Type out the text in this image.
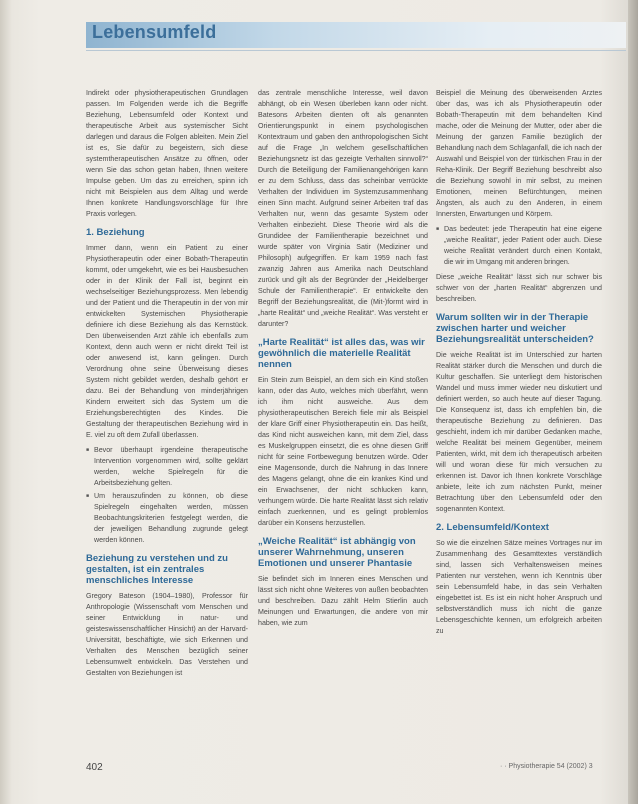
Lebensumfeld

Indirekt oder physiotherapeutischen Grundlagen passen. Im Folgenden werde ich die Begriffe Beziehung, Lebensumfeld oder Kontext und therapeutische Arbeit aus systemischer Sicht darlegen und daraus die Folgen ableiten. Mein Ziel ist es, Sie dafür zu begeistern, sich diese systemtherapeutischen Ansätze zu öffnen, oder wenn Sie das schon getan haben, Ihnen weitere Impulse geben. Um das zu erreichen, spinn ich nicht mit Beispielen aus dem Alltag und werde Ihnen konkrete Handlungsvorschläge für Ihre Praxis vorlegen.

1. Beziehung

Immer dann, wenn ein Patient zu einer Physiotherapeutin oder einer Bobath-Therapeutin kommt, oder umgekehrt, wie es bei Hausbesuchen oder in der Klinik der Fall ist, beginnt ein wechselseitiger Beziehungsprozess. Men lebendig und der Patient und die Therapeutin in der von mir entwickelten Systemischen Physiotherapie definiere ich diese Beziehung als das Kernstück. Den überweisenden Arzt zähle ich ebenfalls zum Kontext, denn auch wenn er nicht direkt Teil ist oder anwesend ist, kann gelingen. Durch Verordnung ohne seine Überweisung dieses System nicht gebildet werden, deshalb gehört er dazu. Bei der Behandlung von minderjährigen Kindern erweitert sich das System um die Erziehungsberechtigten des Kindes. Die Gestaltung der therapeutischen Beziehung wird in E. viel zu oft dem Zufall überlassen.

■ Bevor überhaupt irgendeine therapeutische Intervention vorgenommen wird, sollte geklärt werden, welche Spielregeln für die Arbeitsbeziehung gelten.
■ Um herauszufinden zu können, ob diese Spielregeln eingehalten werden, müssen Beobachtungskriterien festgelegt werden, die der jeweiligen Behandlung zugrunde gelegt werden können.
Beziehung zu verstehen und zu gestalten, ist ein zentrales menschliches Interesse

Gregory Bateson (1904–1980), Professor für Anthropologie (Wissenschaft vom Menschen und seiner Entwicklung in natur- und geisteswissenschaftlicher Hinsicht) an der Harvard-Universität, beschäftigte, wie sich Erkennen und Verhalten des Menschen bezüglich seiner Lebensumwelt entwickeln. Das Verstehen und Gestalten von Beziehungen ist

das zentrale menschliche Interesse, weil davon abhängt, ob ein Wesen überleben kann oder nicht. Batesons Arbeiten dienten oft als genannten Orientierungspunkt in einem psychologischen Kontextraum und gaben den anthropologischen Sicht auf die Frage „In welchem gesellschaftlichen Beziehungsnetz ist das gezeigte Verhalten sinnvoll?“ Durch die Beteiligung der Familienangehörigen kann er zu dem Schluss, dass das scheinbar verrückte Verhalten der Individuen im Systemzusammenhang einen Sinn macht. Aufgrund seiner Arbeiten traf das Verhalten nur, wenn das gesamte System oder Verhalten einbezieht. Diese Theorie wird als die Grundidee der Familientherapie bezeichnet und wurde später von Virginia Satir (Mediziner und Philosoph) aufgegriffen. Er kam 1959 nach fast zwanzig Jahren aus Amerika nach Deutschland zurück und gilt als der Begründer der „Heidelberger Schule der Familientherapie“. Er entwickelte den Begriff der Beziehungsrealität, die (Mit-)formt wird in „harte Realität“ und „weiche Realität“. Was versteht er darunter?

„Harte Realität“ ist alles das, was wir gewöhnlich die materielle Realität nennen

Ein Stein zum Beispiel, an dem sich ein Kind stoßen kann, oder das Auto, welches mich überfährt, wenn ich ihm nicht ausweiche. Aus dem physiotherapeutischen Bereich fiele mir als Beispiel der klare Griff einer Physiotherapeutin ein. Das heißt, das Kind nicht ausweichen kann, mit dem Ziel, dass es Muskelgruppen einsetzt, die es ohne diesen Griff nicht für seine Fortbewegung benutzen würde. Oder eine Magensonde, durch die Nahrung in das Innere des Magens gelangt, ohne die ein krankes Kind und ein Erwachsener, der nicht schlucken kann, verhungern würde. Die harte Realität lässt sich relativ einfach zuerkennen, und es gelingt problemlos darüber ein Konsens herzustellen.

„Weiche Realität“ ist abhängig von unserer Wahrnehmung, unseren Emotionen und unserer Phantasie

Sie befindet sich im Inneren eines Menschen und lässt sich nicht ohne Weiteres von außen beobachten und beschreiben. Dazu zählt Helm Stierlin auch Meinungen und Erwartungen, die andere von mir haben, wie zum

Beispiel die Meinung des überweisenden Arztes über das, was ich als Physiotherapeutin oder Bobath-Therapeutin mit dem behandelten Kind mache, oder die Meinung der Mutter, oder aber die Meinung der ganzen Familie bezüglich der Behandlung nach dem Schlaganfall, die ich nach der Auswahl und Beispiel von der türkischen Frau in der Reha-Klinik. Der Begriff Beziehung beschreibt also die Beziehung sowohl in mir selbst, zu meinen Emotionen, meinen Befürchtungen, meinen Ängsten, als auch zu den Anderen, in einem Innersten, Erwartungen und Körpern.

■ Das bedeutet: jede Therapeutin hat eine eigene „weiche Realität“, jeder Patient oder auch. Diese weiche Realität verändert durch einen Kontakt, die wir im Umgang mit anderen bringen.

Diese „weiche Realität“ lässt sich nur schwer bis schwer von der „harten Realität“ abgrenzen und beschreiben.

Warum sollten wir in der Therapie zwischen harter und weicher Beziehungsrealität unterscheiden?

Die weiche Realität ist im Unterschied zur harten Realität stärker durch die Menschen und durch die Kultur geschaffen. Sie unterliegt dem historischen Wandel und muss immer wieder neu diskutiert und definiert werden, so auch heute auf dieser Tagung. Die Konsequenz ist, dass ich empfehlen bin, die therapeutische Beziehung zu definieren. Das geschieht, indem ich mir darüber Gedanken mache, welche Realität bei meinem Gegenüber, meinem Patienten, wirkt, mit dem ich therapeutisch arbeiten will und woran diese für mich versuchen zu erkennen ist. Davor ich Ihnen konkrete Vorschläge anbiete, leite ich zum nächsten Punkt, meiner Betrachtung über den Lebensumfeld oder den sogenannten Kontext.

2. Lebensumfeld/Kontext

So wie die einzelnen Sätze meines Vortrages nur im Zusammenhang des Gesamttextes verständlich sind, lassen sich Verhaltensweisen meines Patienten nur verstehen, wenn ich Kenntnis über sein Lebensumfeld habe, in das sein Verhalten eingebettet ist. Es ist ein nicht hoher Anspruch und selbstverständlich muss ich nicht die ganze Lebensgeschichte kennen, um erfolgreich arbeiten zu

402	· · Physiotherapie 54 (2002) 3
